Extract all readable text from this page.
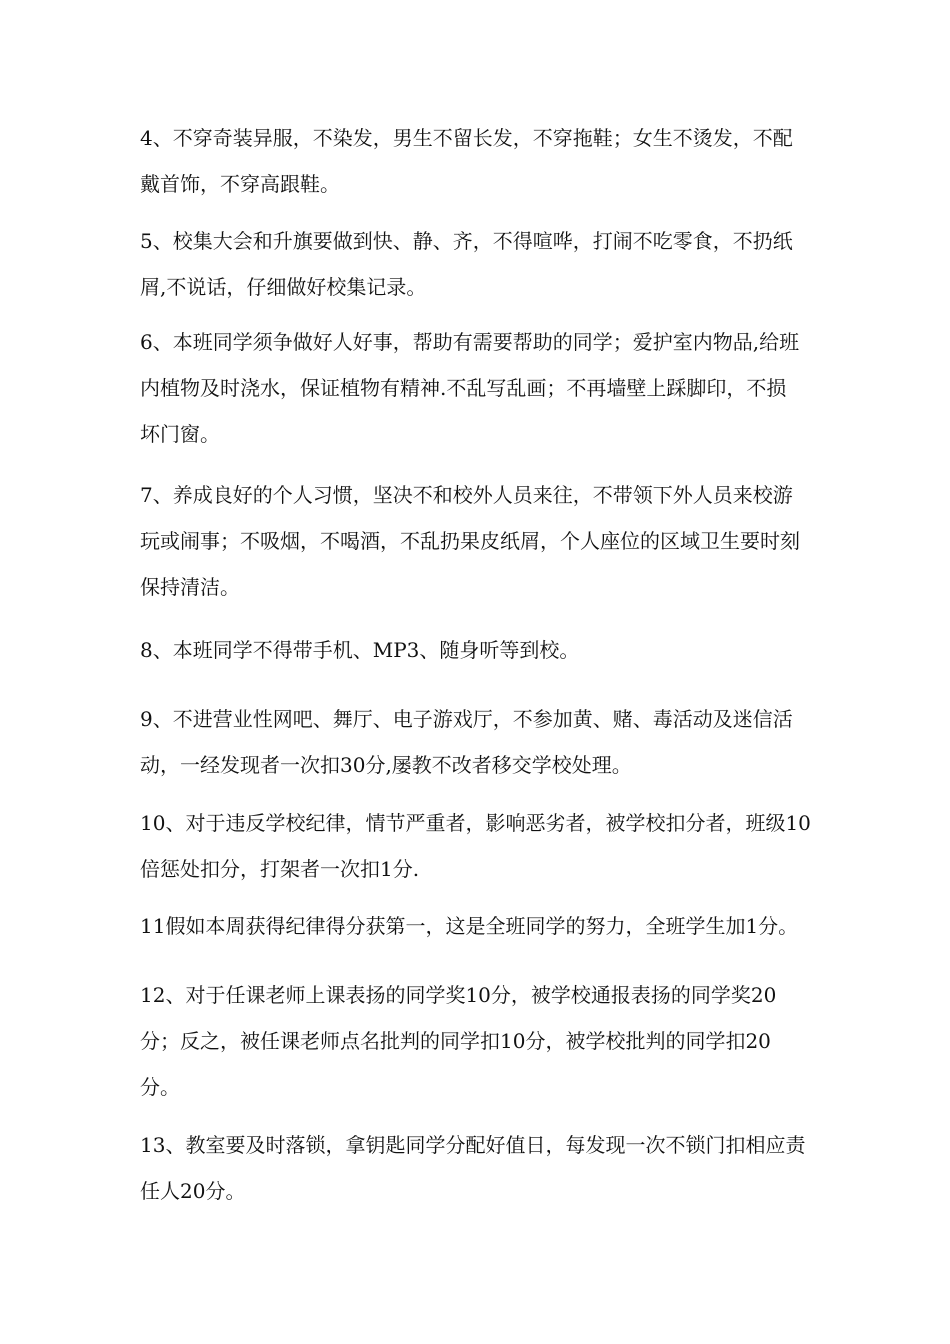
4、不穿奇装异服，不染发，男生不留长发，不穿拖鞋；女生不烫发，不配
戴首饰，不穿高跟鞋。

5、校集大会和升旗要做到快、静、齐，不得喧哗，打闹不吃零食，不扔纸
屑,不说话，仔细做好校集记录。

6、本班同学须争做好人好事，帮助有需要帮助的同学；爱护室内物品,给班
内植物及时浇水，保证植物有精神.不乱写乱画；不再墙壁上踩脚印，不损
坏门窗。

7、养成良好的个人习惯，坚决不和校外人员来往，不带领下外人员来校游
玩或闹事；不吸烟，不喝酒，不乱扔果皮纸屑，个人座位的区域卫生要时刻
保持清洁。

8、本班同学不得带手机、MP3、随身听等到校。

9、不进营业性网吧、舞厅、电子游戏厅，不参加黄、赌、毒活动及迷信活
动，一经发现者一次扣30分,屡教不改者移交学校处理。

10、对于违反学校纪律，情节严重者，影响恶劣者，被学校扣分者，班级10
倍惩处扣分，打架者一次扣1分.

11假如本周获得纪律得分获第一，这是全班同学的努力，全班学生加1分。

12、对于任课老师上课表扬的同学奖10分，被学校通报表扬的同学奖20
分；反之，被任课老师点名批判的同学扣10分，被学校批判的同学扣20
分。

13、教室要及时落锁，拿钥匙同学分配好值日，每发现一次不锁门扣相应责
任人20分。
